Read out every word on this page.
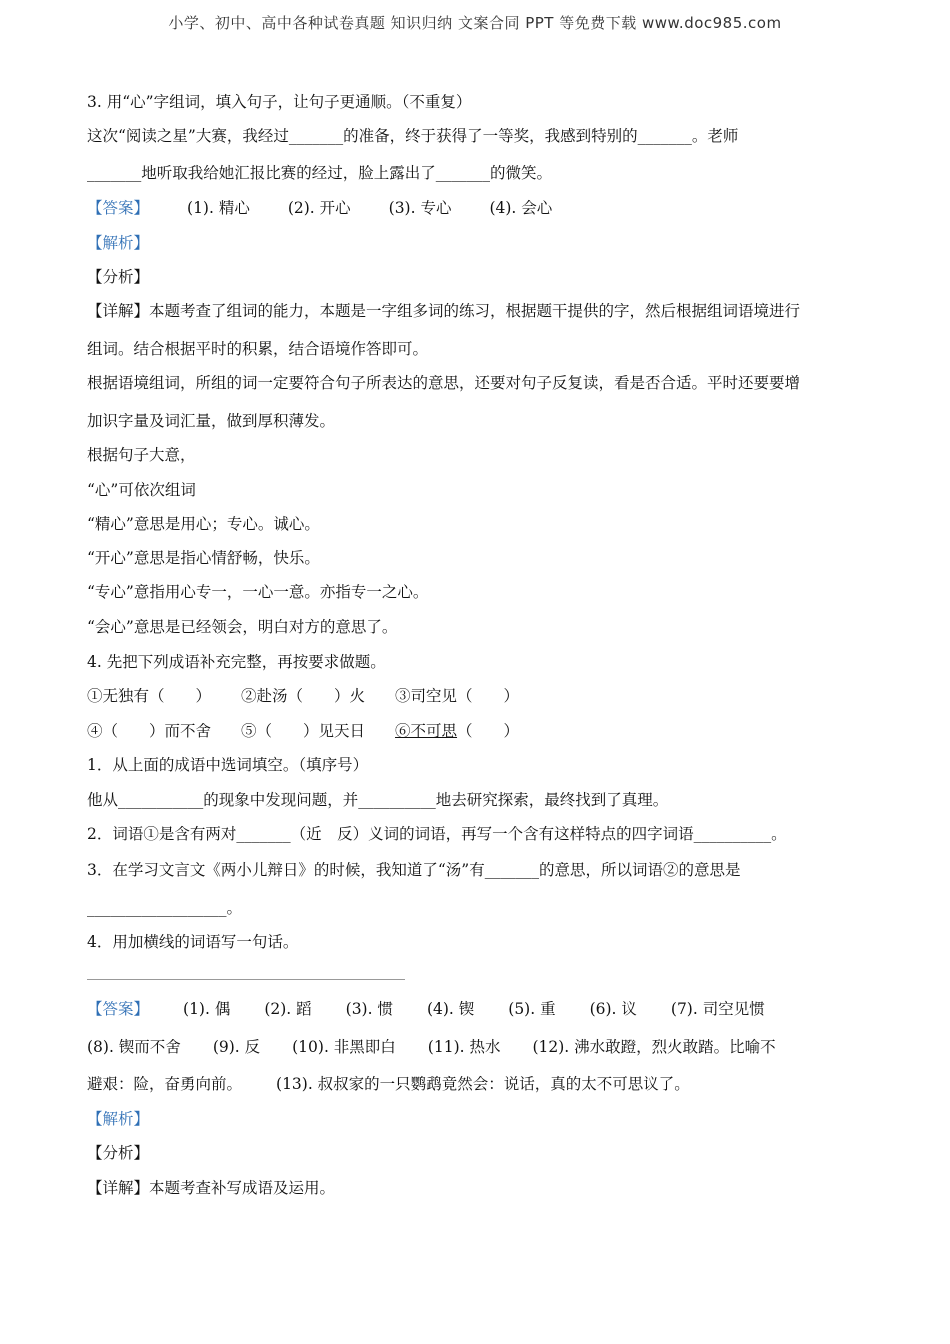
小学、初中、高中各种试卷真题 知识归纳 文案合同 PPT 等免费下载 www.doc985.com
3. 用“心”字组词，填入句子，让句子更通顺。（不重复）
这次“阅读之星”大赛，我经过_______的准备，终于获得了一等奖，我感到特别的_______。老师
_______地听取我给她汇报比赛的经过，脸上露出了_______的微笑。
【答案】 (1). 精心 (2). 开心 (3). 专心 (4). 会心
【解析】
【分析】
【详解】本题考查了组词的能力，本题是一字组多词的练习，根据题干提供的字，然后根据组词语境进行
组词。结合根据平时的积累，结合语境作答即可。
根据语境组词，所组的词一定要符合句子所表达的意思，还要对句子反复读，看是否合适。平时还要要增
加识字量及词汇量，做到厚积薄发。
根据句子大意，
“心”可依次组词
“精心”意思是用心；专心。诚心。
“开心”意思是指心情舒畅，快乐。
“专心”意指用心专一，一心一意。亦指专一之心。
“会心”意思是已经领会，明白对方的意思了。
4. 先把下列成语补充完整，再按要求做题。
①无独有（　　） ②赴汤（　　）火 ③司空见（　　）
④（　　）而不舍 ⑤（　　）见天日 ⑥不可思（　　）
1．从上面的成语中选词填空。（填序号）
他从___________的现象中发现问题，并__________地去研究探索，最终找到了真理。
2．词语①是含有两对_______（近　反）义词的词语，再写一个含有这样特点的四字词语__________。
3．在学习文言文《两小儿辩日》的时候，我知道了“汤”有_______的意思，所以词语②的意思是
__________________。
4．用加横线的词语写一句话。
【答案】 (1). 偶 (2). 蹈 (3). 惯 (4). 锲 (5). 重 (6). 议 (7). 司空见惯
(8). 锲而不舍 (9). 反 (10). 非黑即白 (11). 热水 (12). 沸水敢蹬，烈火敢踏。比喻不
避艰：险，奋勇向前。 (13). 叔叔家的一只鹦鹉竟然会：说话，真的太不可思议了。
【解析】
【分析】
【详解】本题考查补写成语及运用。
